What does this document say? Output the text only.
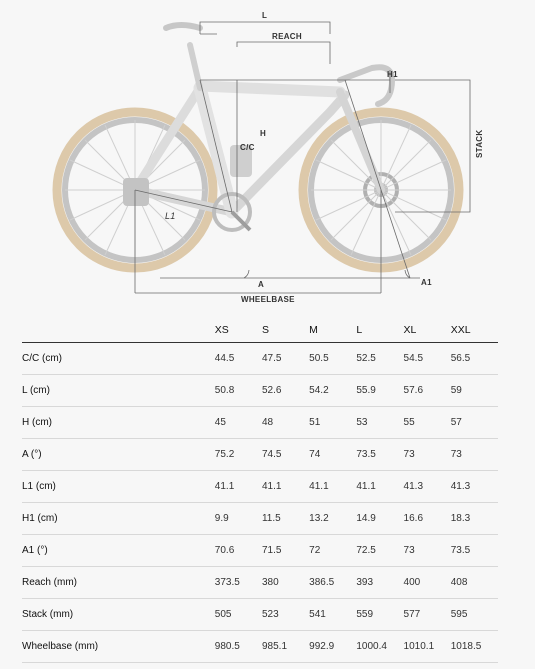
L
REACH
H1
STACK
C/C
H
L1
A	A1
WHEELBASE
	XS	S	M	L	XL	XXL
C/C (cm)	44.5	47.5	50.5	52.5	54.5	56.5
L (cm)	50.8	52.6	54.2	55.9	57.6	59
H (cm)	45	48	51	53	55	57
A (°)	75.2	74.5	74	73.5	73	73
L1 (cm)	41.1	41.1	41.1	41.1	41.3	41.3
H1 (cm)	9.9	11.5	13.2	14.9	16.6	18.3
A1 (°)	70.6	71.5	72	72.5	73	73.5
Reach (mm)	373.5	380	386.5	393	400	408
Stack (mm)	505	523	541	559	577	595
Wheelbase (mm)	980.5	985.1	992.9	1000.4	1010.1	1018.5
